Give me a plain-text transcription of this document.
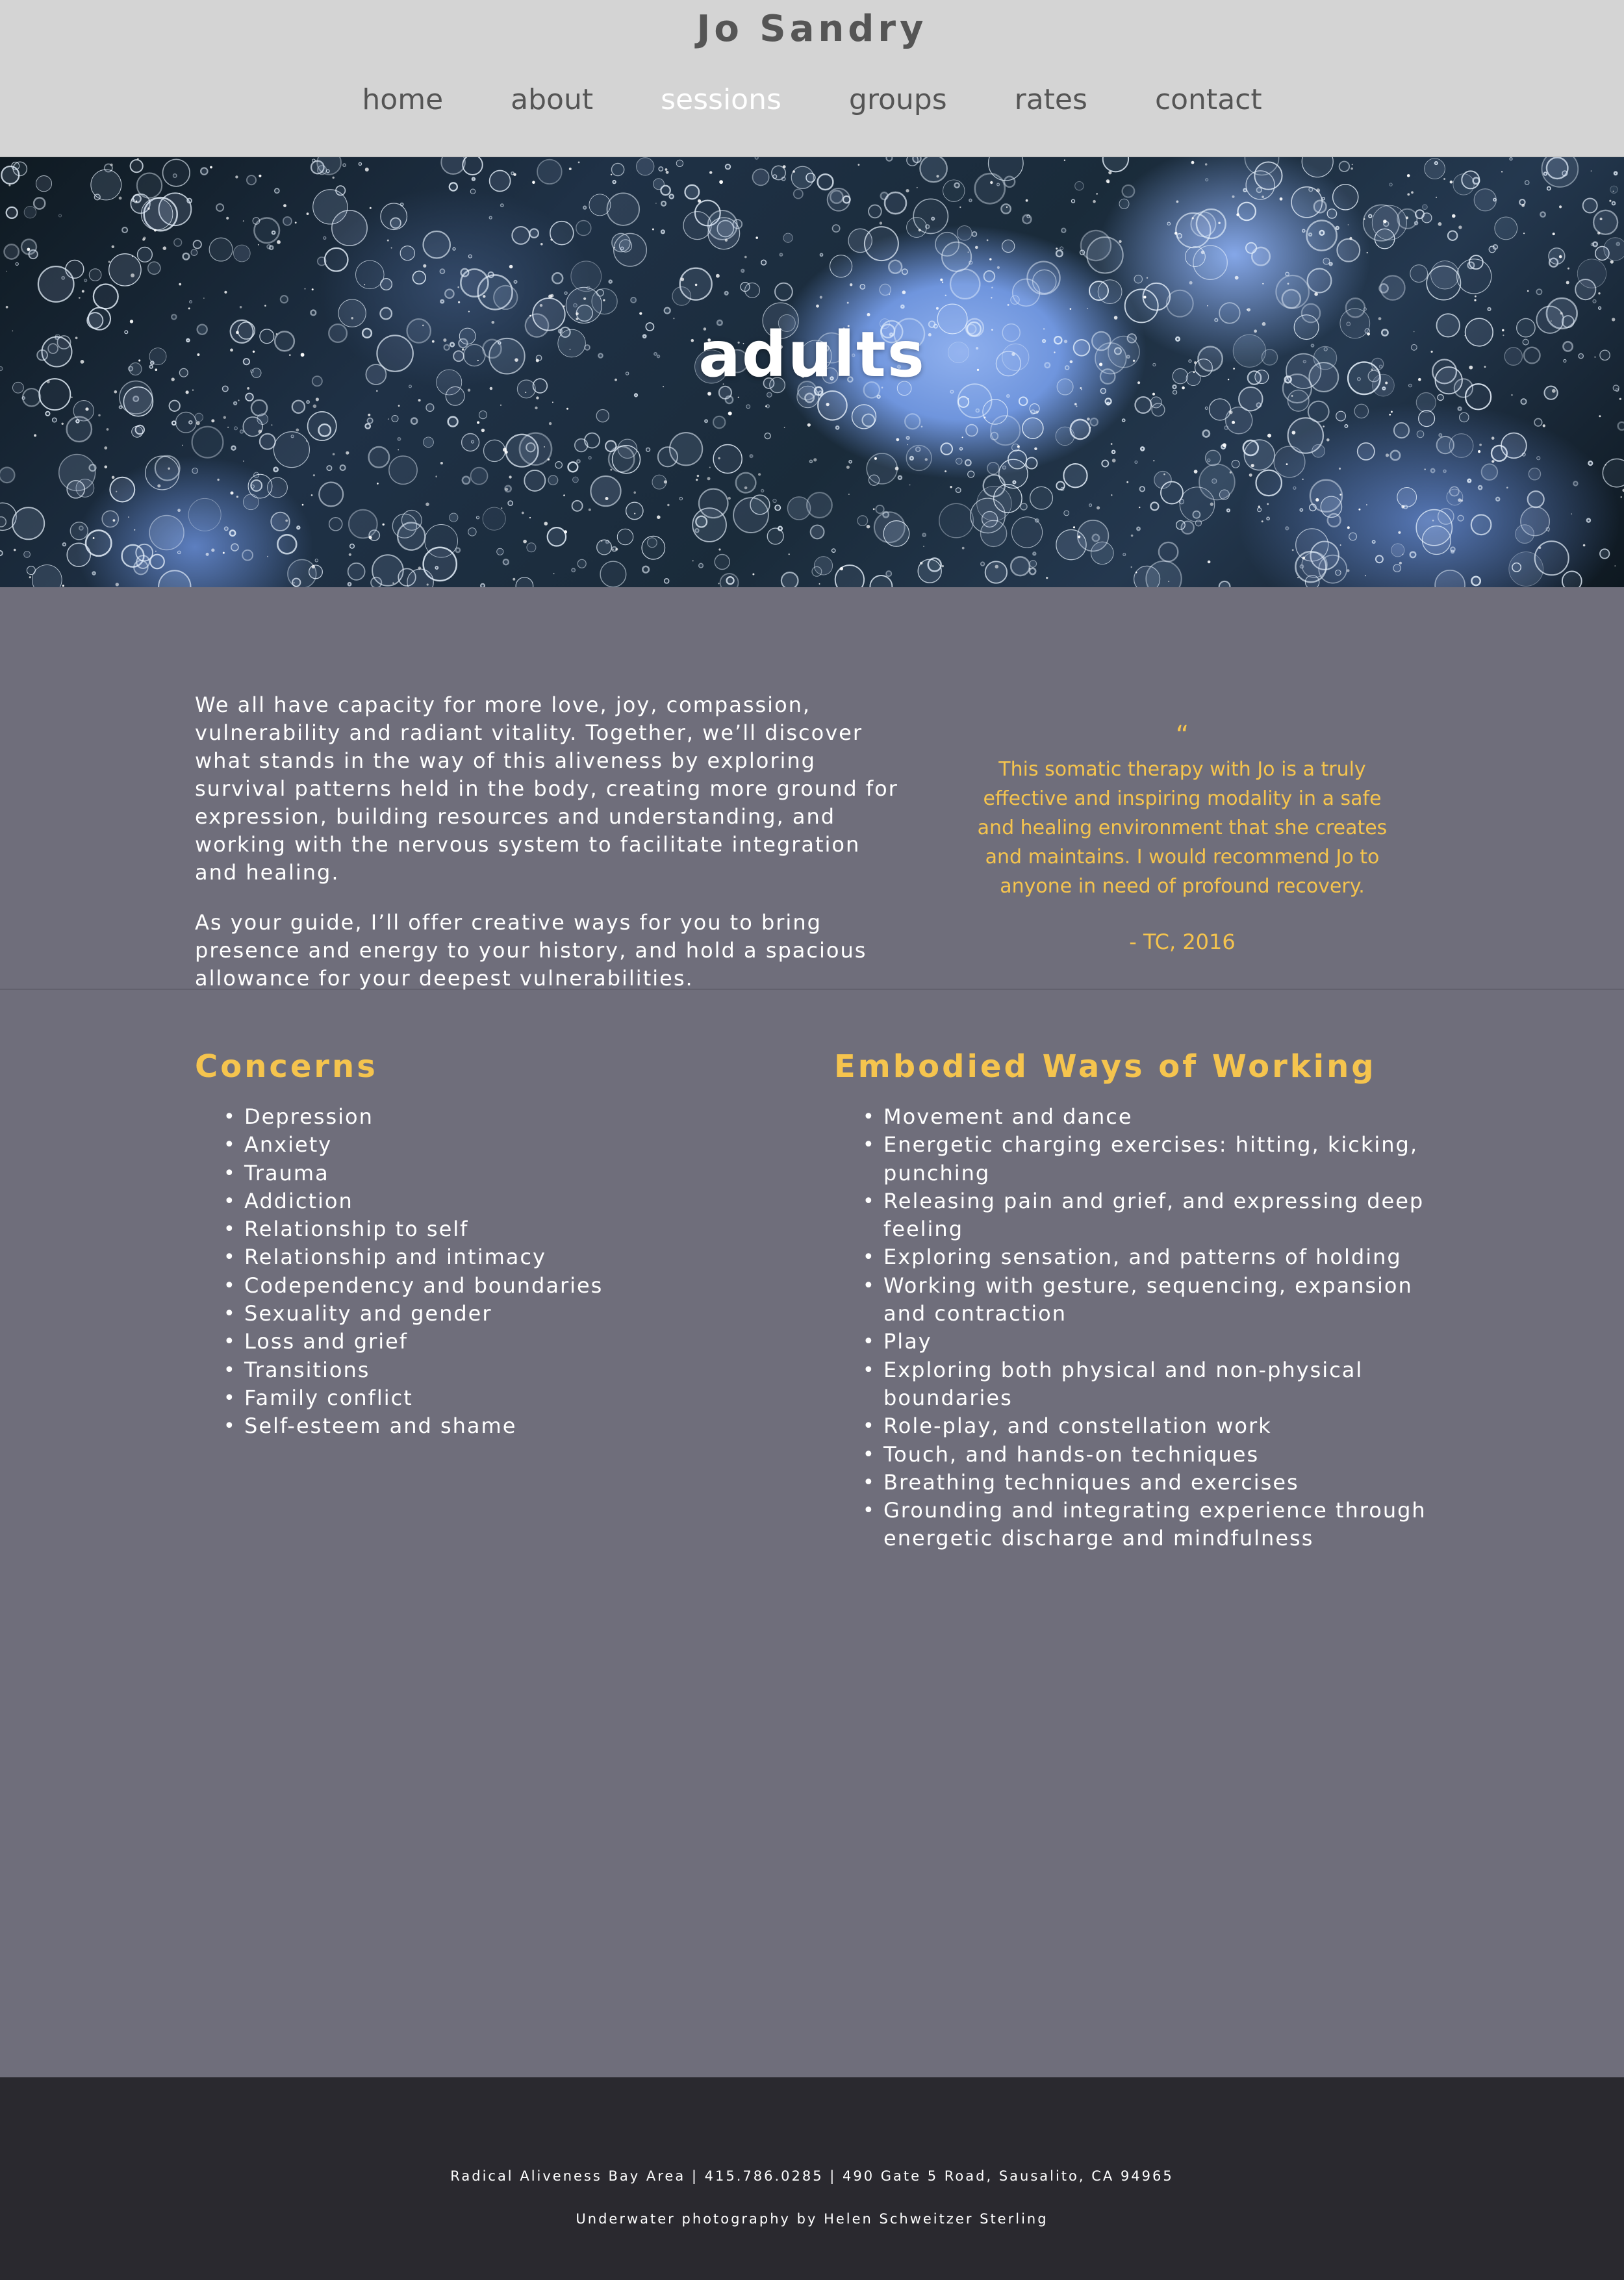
Jo Sandry
home	about	sessions	groups	rates	contact
adults

We all have capacity for more love, joy, compassion, vulnerability and radiant vitality. Together, we’ll discover what stands in the way of this aliveness by exploring survival patterns held in the body, creating more ground for expression, building resources and understanding, and working with the nervous system to facilitate integration and healing.

As your guide, I’ll offer creative ways for you to bring presence and energy to your history, and hold a spacious allowance for your deepest vulnerabilities.

“
This somatic therapy with Jo is a truly effective and inspiring modality in a safe and healing environment that she creates and maintains. I would recommend Jo to anyone in need of profound recovery.
- TC, 2016
Concerns
• Depression
• Anxiety
• Trauma
• Addiction
• Relationship to self
• Relationship and intimacy
• Codependency and boundaries
• Sexuality and gender
• Loss and grief
• Transitions
• Family conflict
• Self-esteem and shame
Embodied Ways of Working
• Movement and dance
• Energetic charging exercises: hitting, kicking, punching
• Releasing pain and grief, and expressing deep feeling
• Exploring sensation, and patterns of holding
• Working with gesture, sequencing, expansion and contraction
• Play
• Exploring both physical and non-physical boundaries
• Role-play, and constellation work
• Touch, and hands-on techniques
• Breathing techniques and exercises
• Grounding and integrating experience through energetic discharge and mindfulness
Radical Aliveness Bay Area | 415.786.0285 | 490 Gate 5 Road, Sausalito, CA 94965
Underwater photography by Helen Schweitzer Sterling
